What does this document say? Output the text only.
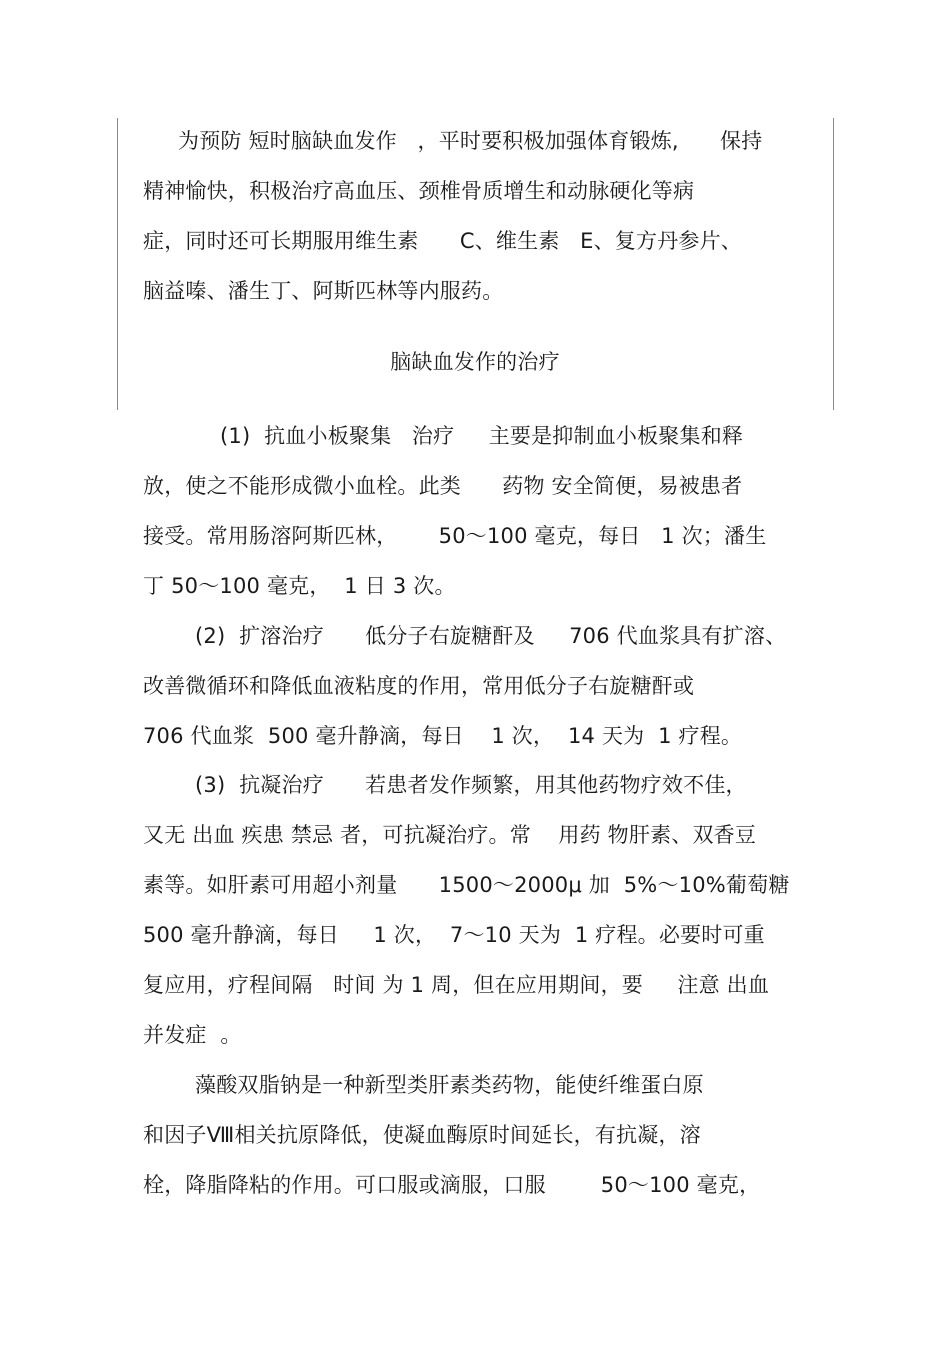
为预防 短时脑缺血发作   ，平时要积极加强体育锻炼,      保持
精神愉快，积极治疗高血压、颈椎骨质增生和动脉硬化等病
症，同时还可长期服用维生素      C、维生素   E、复方丹参片、
脑益嗪、潘生丁、阿斯匹林等内服药。
脑缺血发作的治疗
(1)  抗血小板聚集   治疗     主要是抑制血小板聚集和释
放，使之不能形成微小血栓。此类      药物 安全简便，易被患者
接受。常用肠溶阿斯匹林，      50～100 毫克，每日   1 次；潘生
丁 50～100 毫克，  1 日 3 次。
(2)  扩溶治疗      低分子右旋糖酐及     706 代血浆具有扩溶、
改善微循环和降低血液粘度的作用，常用低分子右旋糖酐或
706 代血浆  500 毫升静滴，每日    1 次，  14 天为  1 疗程。
(3)  抗凝治疗      若患者发作频繁，用其他药物疗效不佳，
又无 出血 疾患 禁忌 者，可抗凝治疗。常    用药 物肝素、双香豆
素等。如肝素可用超小剂量      1500～2000μ 加  5%～10%葡萄糖
500 毫升静滴，每日     1 次，  7～10 天为  1 疗程。必要时可重
复应用，疗程间隔   时间 为 1 周，但在应用期间，要     注意 出血
并发症  。
藻酸双脂钠是一种新型类肝素类药物，能使纤维蛋白原
和因子Ⅷ相关抗原降低，使凝血酶原时间延长，有抗凝，溶
栓，降脂降粘的作用。可口服或滴服，口服        50～100 毫克，
